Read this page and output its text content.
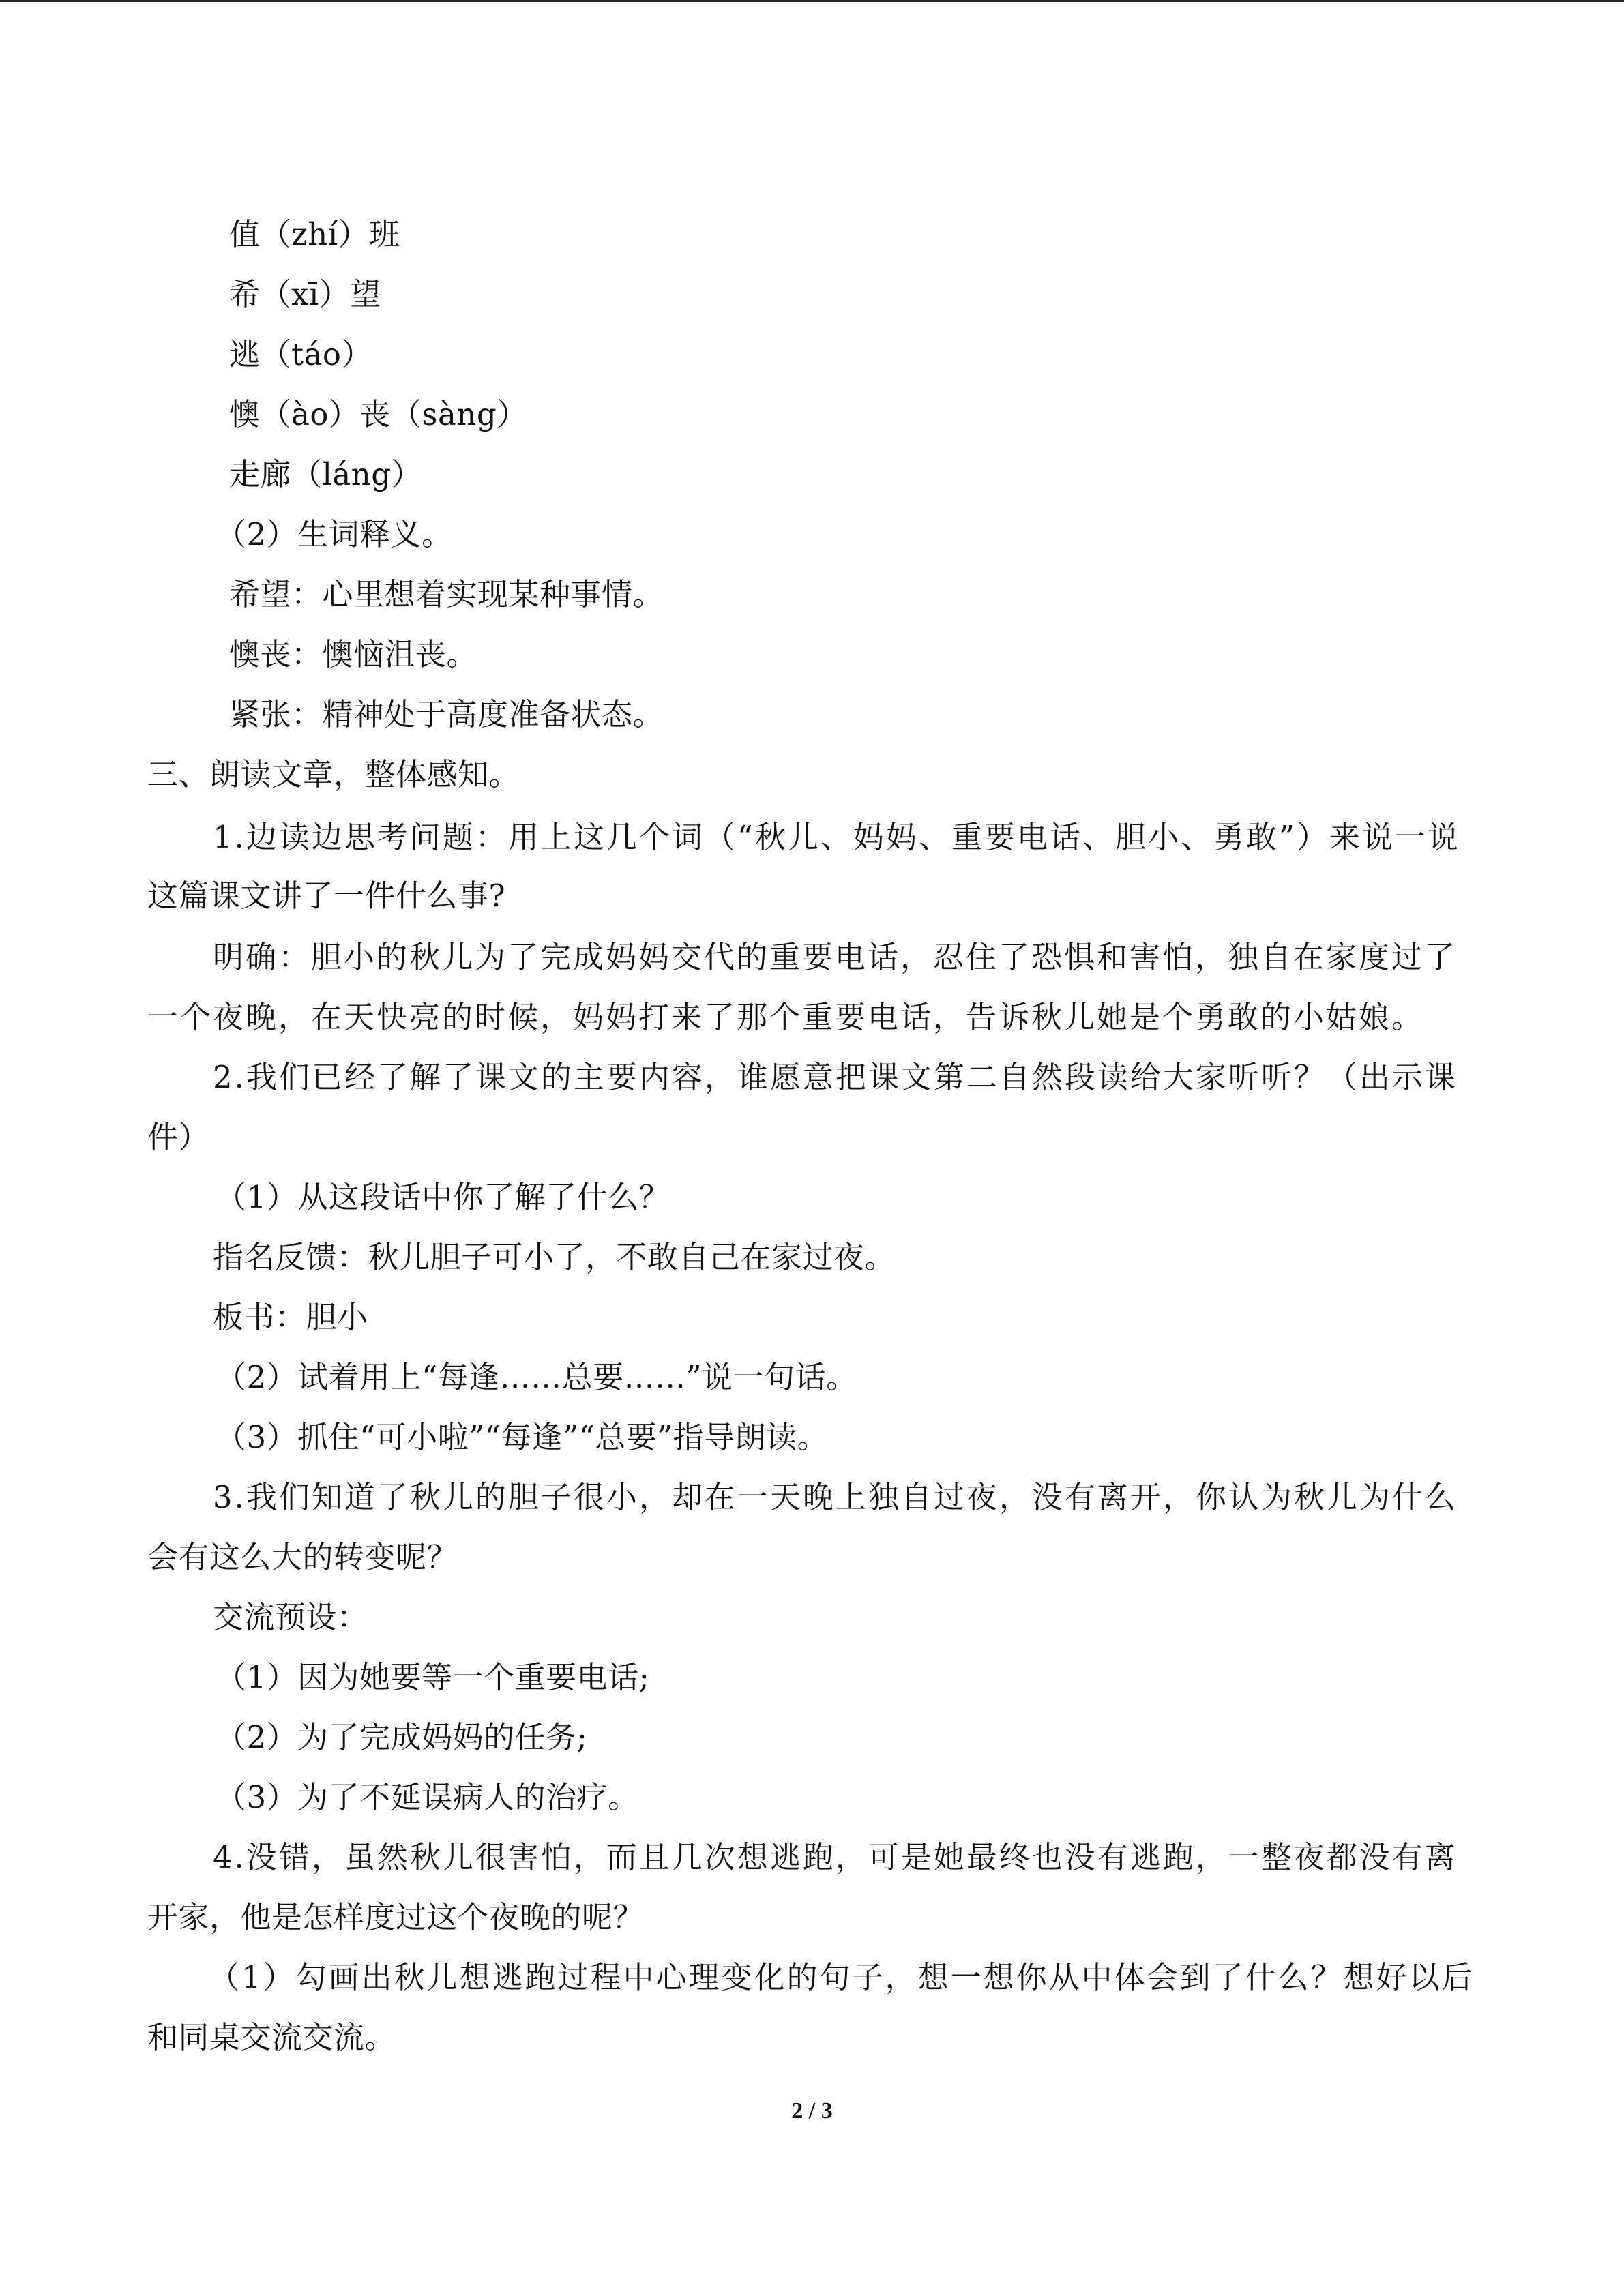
值（zhí）班
希（xī）望
逃（táo）
懊（ào）丧（sàng）
走廊（láng）
（2）生词释义。
希望：心里想着实现某种事情。
懊丧：懊恼沮丧。
紧张：精神处于高度准备状态。
三、朗读文章，整体感知。
1.边读边思考问题：用上这几个词（“秋儿、妈妈、重要电话、胆小、勇敢”）来说一说
这篇课文讲了一件什么事?
明确：胆小的秋儿为了完成妈妈交代的重要电话，忍住了恐惧和害怕，独自在家度过了
一个夜晚，在天快亮的时候，妈妈打来了那个重要电话，告诉秋儿她是个勇敢的小姑娘。
2.我们已经了解了课文的主要内容，谁愿意把课文第二自然段读给大家听听？（出示课
件）
（1）从这段话中你了解了什么？
指名反馈：秋儿胆子可小了，不敢自己在家过夜。
板书：胆小
（2）试着用上“每逢……总要……”说一句话。
（3）抓住“可小啦”“每逢”“总要”指导朗读。
3.我们知道了秋儿的胆子很小，却在一天晚上独自过夜，没有离开，你认为秋儿为什么
会有这么大的转变呢？
交流预设：
（1）因为她要等一个重要电话;
（2）为了完成妈妈的任务;
（3）为了不延误病人的治疗。
4.没错，虽然秋儿很害怕，而且几次想逃跑，可是她最终也没有逃跑，一整夜都没有离
开家，他是怎样度过这个夜晚的呢？
（1）勾画出秋儿想逃跑过程中心理变化的句子，想一想你从中体会到了什么？想好以后
和同桌交流交流。
2 / 3
